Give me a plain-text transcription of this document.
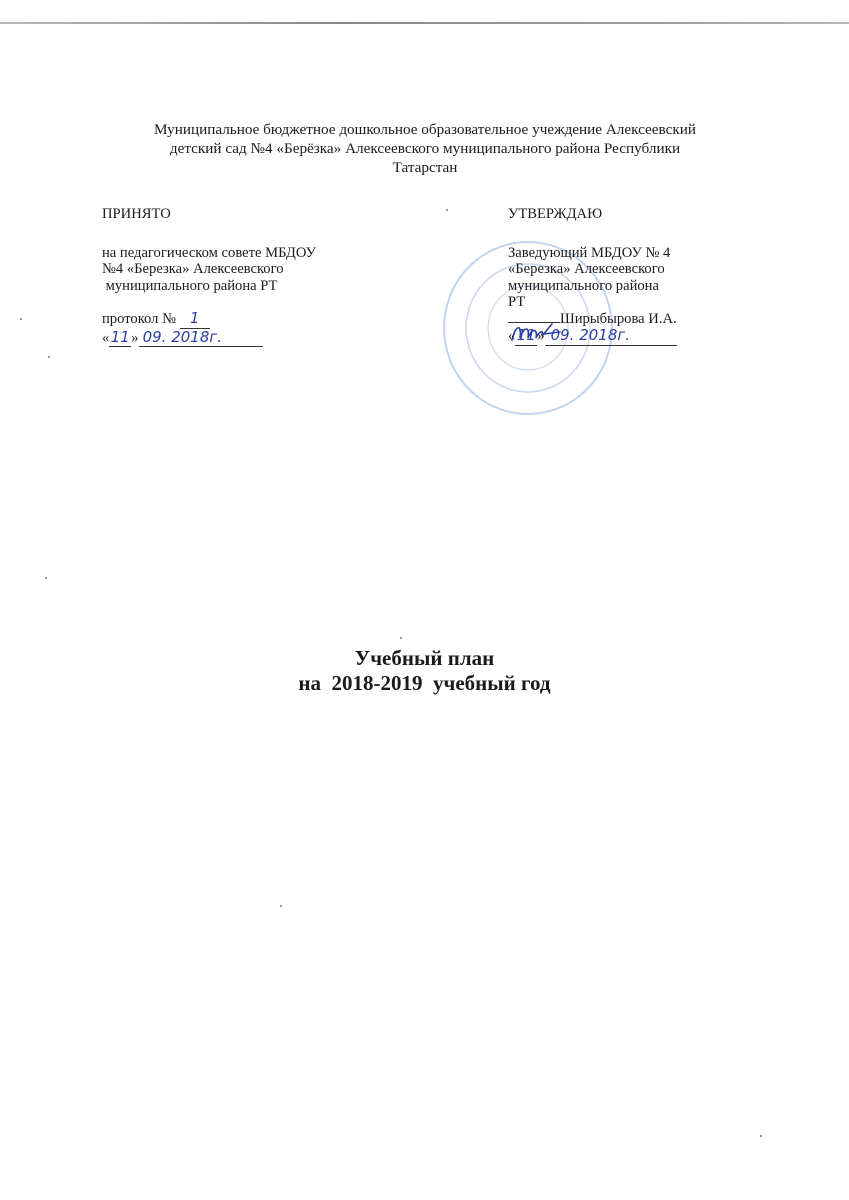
Муниципальное бюджетное дошкольное образовательное учеждение Алексеевский
детский сад №4 «Берёзка» Алексеевского муниципального района Республики
Татарстан

ПРИНЯТО

на педагогическом совете МБДОУ

№4 «Березка» Алексеевского

муниципального района РТ

протокол № 1

«11» 09. 2018г.

УТВЕРЖДАЮ

Заведующий МБДОУ № 4

«Березка» Алексеевского

муниципального района

РТ

Ширыбырова И.А.

«11» 09. 2018г.

Учебный план
на  2018-2019  учебный год
